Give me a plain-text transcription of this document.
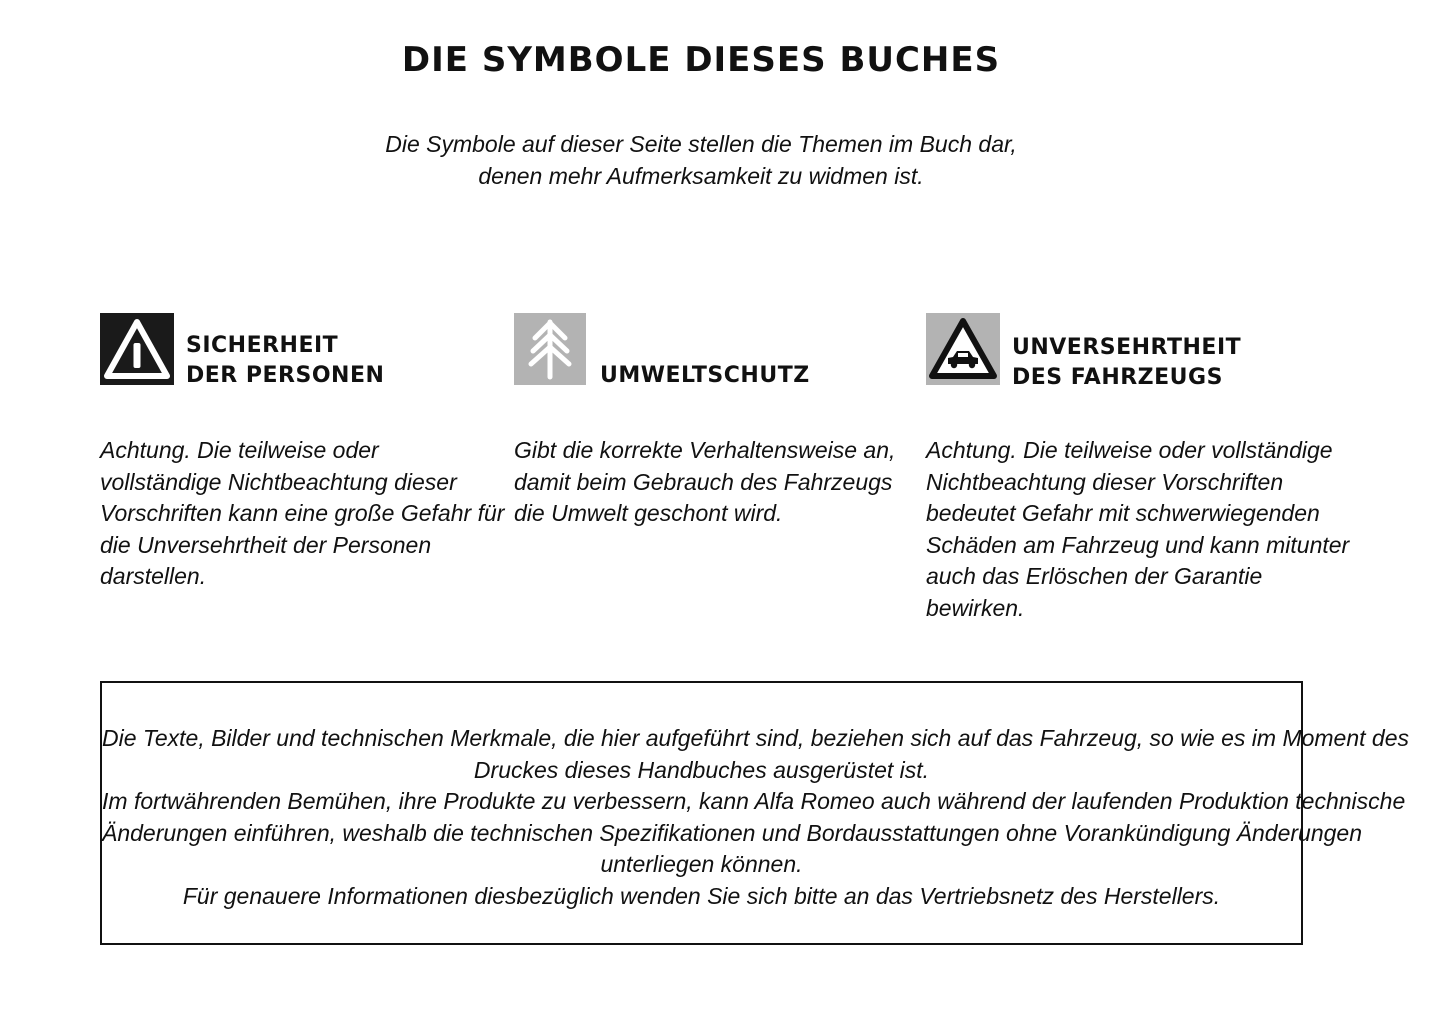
DIE SYMBOLE DIESES BUCHES

Die Symbole auf dieser Seite stellen die Themen im Buch dar,
denen mehr Aufmerksamkeit zu widmen ist.

SICHERHEIT
DER PERSONEN

Achtung. Die teilweise oder
vollständige Nichtbeachtung dieser
Vorschriften kann eine große Gefahr für
die Unversehrtheit der Personen
darstellen.

UMWELTSCHUTZ

Gibt die korrekte Verhaltensweise an,
damit beim Gebrauch des Fahrzeugs
die Umwelt geschont wird.

UNVERSEHRTHEIT
DES FAHRZEUGS

Achtung. Die teilweise oder vollständige
Nichtbeachtung dieser Vorschriften
bedeutet Gefahr mit schwerwiegenden
Schäden am Fahrzeug und kann mitunter
auch das Erlöschen der Garantie
bewirken.

Die Texte, Bilder und technischen Merkmale, die hier aufgeführt sind, beziehen sich auf das Fahrzeug, so wie es im Moment des
Druckes dieses Handbuches ausgerüstet ist.
Im fortwährenden Bemühen, ihre Produkte zu verbessern, kann Alfa Romeo auch während der laufenden Produktion technische
Änderungen einführen, weshalb die technischen Spezifikationen und Bordausstattungen ohne Vorankündigung Änderungen
unterliegen können.
Für genauere Informationen diesbezüglich wenden Sie sich bitte an das Vertriebsnetz des Herstellers.
